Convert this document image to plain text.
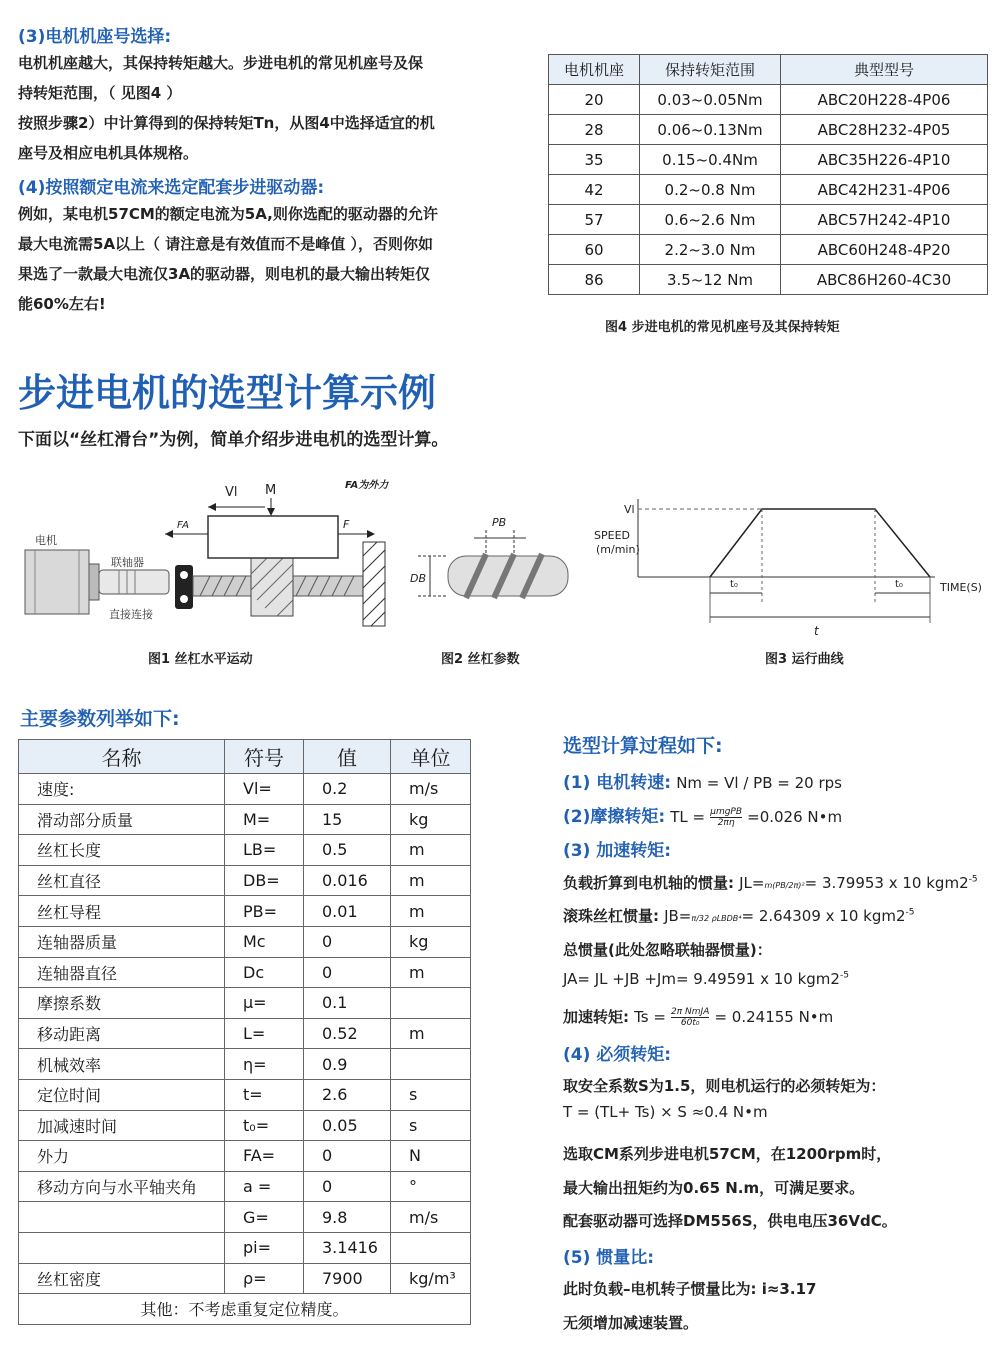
(3)电机机座号选择:
电机机座越大，其保持转矩越大。步进电机的常见机座号及保
持转矩范围，（ 见图4 ）
按照步骤2）中计算得到的保持转矩Tn，从图4中选择适宜的机
座号及相应电机具体规格。
(4)按照额定电流来选定配套步进驱动器:
例如，某电机57CM的额定电流为5A,则你选配的驱动器的允许
最大电流需5A以上（ 请注意是有效值而不是峰值 ），否则你如
果选了一款最大电流仅3A的驱动器，则电机的最大输出转矩仅
能60%左右!
电机机座	保持转矩范围	典型型号
20	0.03~0.05Nm	ABC20H228-4P06
28	0.06~0.13Nm	ABC28H232-4P05
35	0.15~0.4Nm	ABC35H226-4P10
42	0.2~0.8 Nm	ABC42H231-4P06
57	0.6~2.6 Nm	ABC57H242-4P10
60	2.2~3.0 Nm	ABC60H248-4P20
86	3.5~12 Nm	ABC86H260-4C30
图4 步进电机的常见机座号及其保持转矩
步进电机的选型计算示例
下面以“丝杠滑台”为例，简单介绍步进电机的选型计算。
电机
联轴器
直接连接
Vl M
FA	F
FA为外力
图1 丝杠水平运动
DB
PB
图2 丝杠参数
Vl
SPEED
(m/min)
TIME(S)
t₀	t₀
t
图3 运行曲线
主要参数列举如下:
名称	符号	值	单位
速度:	Vl=	0.2	m/s
滑动部分质量	M=	15	kg
丝杠长度	LB=	0.5	m
丝杠直径	DB=	0.016	m
丝杠导程	PB=	0.01	m
连轴器质量	Mc	0	kg
连轴器直径	Dc	0	m
摩擦系数	μ=	0.1	
移动距离	L=	0.52	m
机械效率	η=	0.9	
定位时间	t=	2.6	s
加减速时间	t₀=	0.05	s
外力	FA=	0	N
移动方向与水平轴夹角	a =	0	°
	G=	9.8	m/s
	pi=	3.1416	
丝杠密度	ρ=	7900	kg/m³
其他：不考虑重复定位精度。			
选型计算过程如下:
(1) 电机转速: Nm = Vl / PB = 20 rps
(2)摩擦转矩: TL = $\frac{\text{μmgPB}}{2\pi\eta} =0.026$ N•m
(3) 加速转矩:
负载折算到电机轴的惯量: JL=m(PB/2π)²= 3.79953 x 10 $kgm2^{-5}$
滚珠丝杠惯量: JB=π/32 ρLBDB⁴= 2.64309 x 10 $kgm2^{-5}$
总惯量(此处忽略联轴器惯量)：
JA= JL +JB +Jm= 9.49591 x 10 $kgm2^{-5}$
加速转矩: $Ts = \frac{\text{2π NmJA}}{\text{60t₀}} = 0.24155$ N•m
(4) 必须转矩:
取安全系数S为1.5，则电机运行的必须转矩为：
T = (TL+ Ts) × S ≈0.4 N•m
选取CM系列步进电机57CM，在1200rpm时，
最大输出扭矩约为0.65 N.m，可满足要求。
配套驱动器可选择DM556S，供电电压36VdC。
(5) 惯量比:
此时负载–电机转子惯量比为: i≈3.17
无须增加减速装置。
